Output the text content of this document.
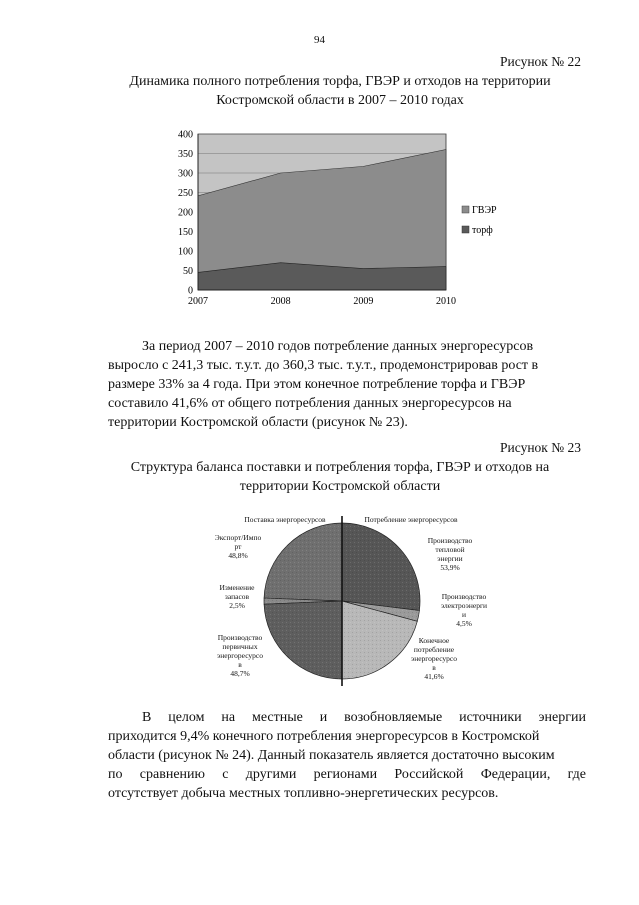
94
Рисунок № 22
Динамика полного потребления торфа, ГВЭР и отходов на территории
Костромской области в 2007 – 2010 годах
0
50
100
150
200
250
300
350
400
2007	2008	2009	2010
ГВЭР
торф
За период 2007 – 2010 годов потребление данных энергоресурсов
выросло с 241,3 тыс. т.у.т. до 360,3 тыс. т.у.т., продемонстрировав рост в
размере 33% за 4 года. При этом конечное потребление торфа и ГВЭР
составило 41,6% от общего потребления данных энергоресурсов на
территории Костромской области (рисунок № 23).
Рисунок № 23
Структура баланса поставки и потребления торфа, ГВЭР и отходов на
территории Костромской области
Поставка энергоресурсов	Потребление энергоресурсов
Экспорт/Импо
рт
48,8%
Изменение
запасов
2,5%
Производство
первичных
энергоресурсо
в
48,7%
Производство
тепловой
энергии
53,9%
Производство
электроэнерги
и
4,5%
Конечное
потребление
энергоресурсо
в
41,6%
В целом на местные и возобновляемые источники энергии
приходится 9,4% конечного потребления энергоресурсов в Костромской
области (рисунок № 24). Данный показатель является достаточно высоким
по сравнению с другими регионами Российской Федерации, где
отсутствует добыча местных топливно-энергетических ресурсов.
